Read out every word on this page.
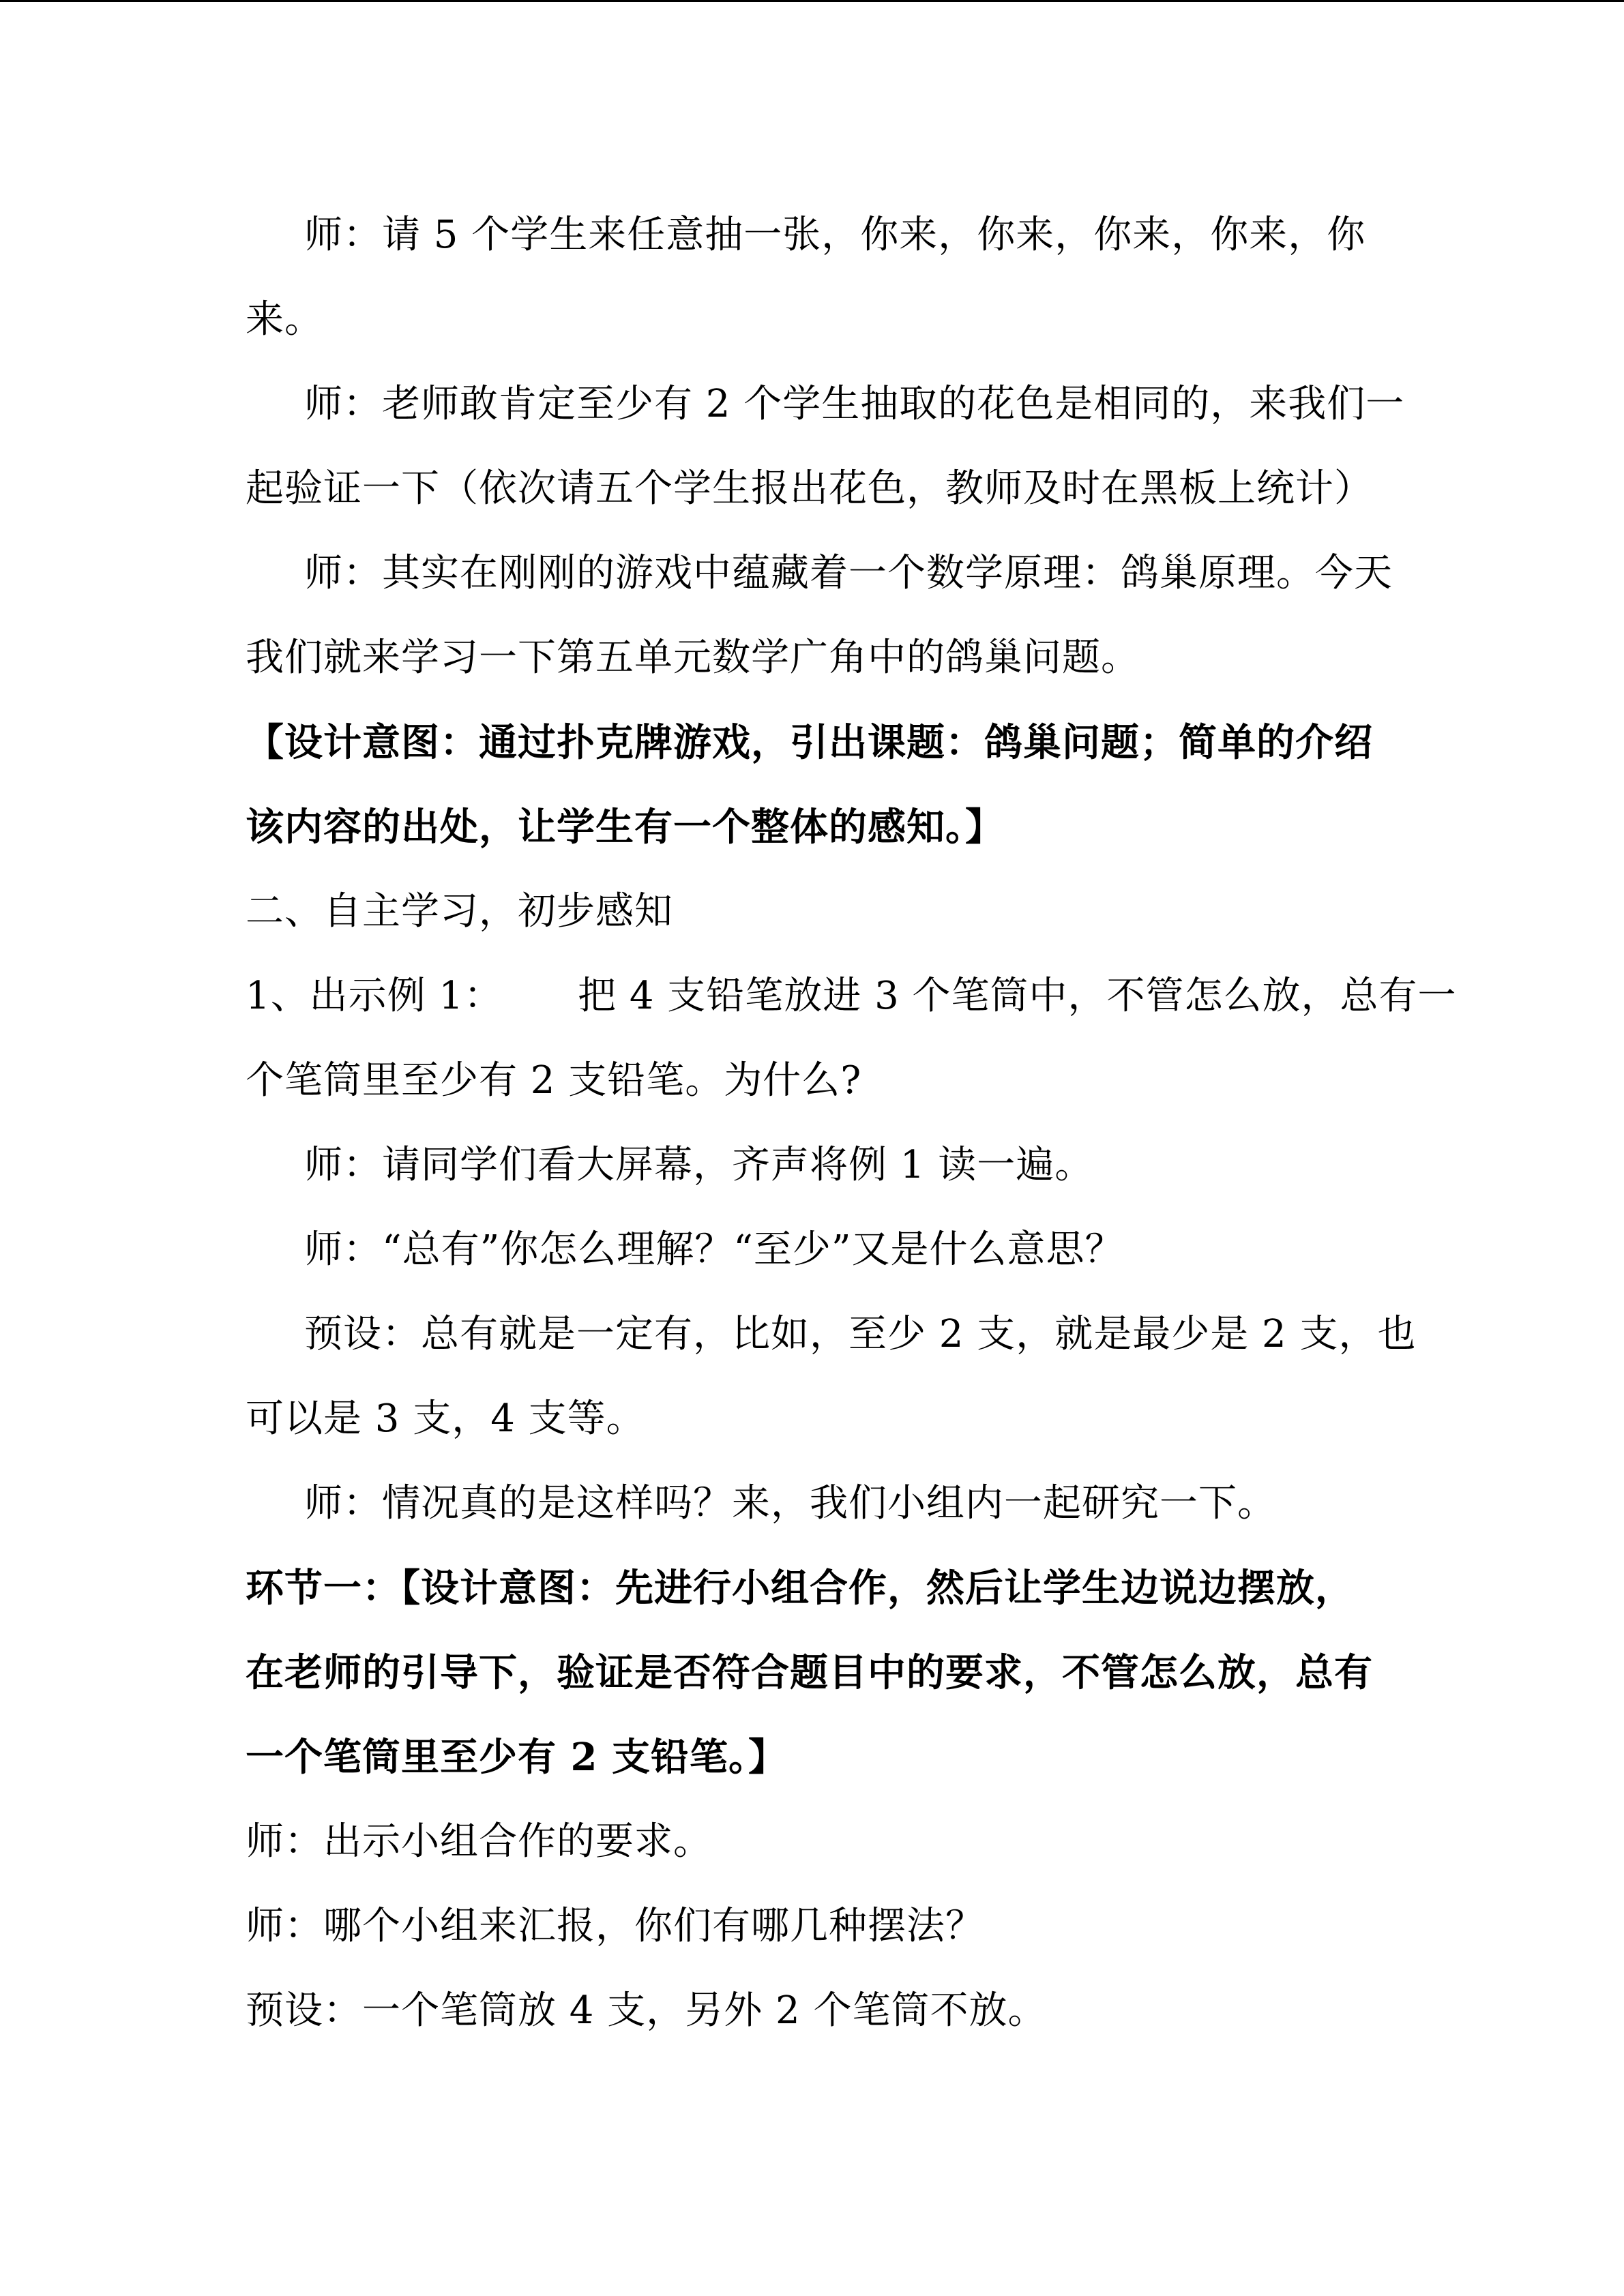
师：请 5 个学生来任意抽一张，你来，你来，你来，你来，你
来。
师：老师敢肯定至少有 2 个学生抽取的花色是相同的，来我们一
起验证一下（依次请五个学生报出花色，教师及时在黑板上统计）
师：其实在刚刚的游戏中蕴藏着一个数学原理：鸽巢原理。今天
我们就来学习一下第五单元数学广角中的鸽巢问题。
【设计意图：通过扑克牌游戏，引出课题：鸽巢问题；简单的介绍
该内容的出处，让学生有一个整体的感知。】
二、自主学习，初步感知
1、出示例 1： 把 4 支铅笔放进 3 个笔筒中，不管怎么放，总有一
个笔筒里至少有 2 支铅笔。为什么?
师：请同学们看大屏幕，齐声将例 1 读一遍。
师：“总有”你怎么理解？“至少”又是什么意思？
预设：总有就是一定有，比如，至少 2 支，就是最少是 2 支，也
可以是 3 支，4 支等。
师：情况真的是这样吗？来，我们小组内一起研究一下。
环节一：【设计意图：先进行小组合作，然后让学生边说边摆放，
在老师的引导下，验证是否符合题目中的要求，不管怎么放，总有
一个笔筒里至少有 2 支铅笔。】
师：出示小组合作的要求。
师：哪个小组来汇报，你们有哪几种摆法？
预设：一个笔筒放 4 支，另外 2 个笔筒不放。
